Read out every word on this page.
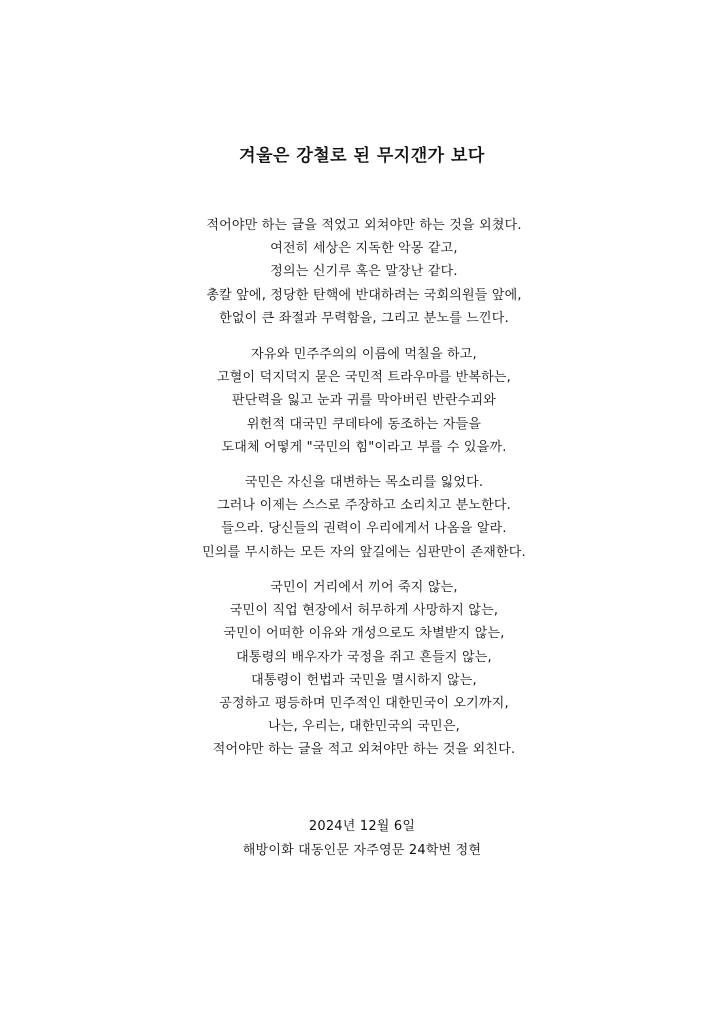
겨울은 강철로 된 무지갠가 보다
적어야만 하는 글을 적었고 외쳐야만 하는 것을 외쳤다.
여전히 세상은 지독한 악몽 같고,
정의는 신기루 혹은 말장난 같다.
총칼 앞에, 정당한 탄핵에 반대하려는 국회의원들 앞에,
한없이 큰 좌절과 무력함을, 그리고 분노를 느낀다.
자유와 민주주의의 이름에 먹칠을 하고,
고혈이 덕지덕지 묻은 국민적 트라우마를 반복하는,
판단력을 잃고 눈과 귀를 막아버린 반란수괴와
위헌적 대국민 쿠데타에 동조하는 자들을
도대체 어떻게 "국민의 힘"이라고 부를 수 있을까.
국민은 자신을 대변하는 목소리를 잃었다.
그러나 이제는 스스로 주장하고 소리치고 분노한다.
들으라. 당신들의 권력이 우리에게서 나옴을 알라.
민의를 무시하는 모든 자의 앞길에는 심판만이 존재한다.
국민이 거리에서 끼어 죽지 않는,
국민이 직업 현장에서 허무하게 사망하지 않는,
국민이 어떠한 이유와 개성으로도 차별받지 않는,
대통령의 배우자가 국정을 쥐고 흔들지 않는,
대통령이 헌법과 국민을 멸시하지 않는,
공정하고 평등하며 민주적인 대한민국이 오기까지,
나는, 우리는, 대한민국의 국민은,
적어야만 하는 글을 적고 외쳐야만 하는 것을 외친다.
2024년 12월 6일
해방이화 대동인문 자주영문 24학번 정현
